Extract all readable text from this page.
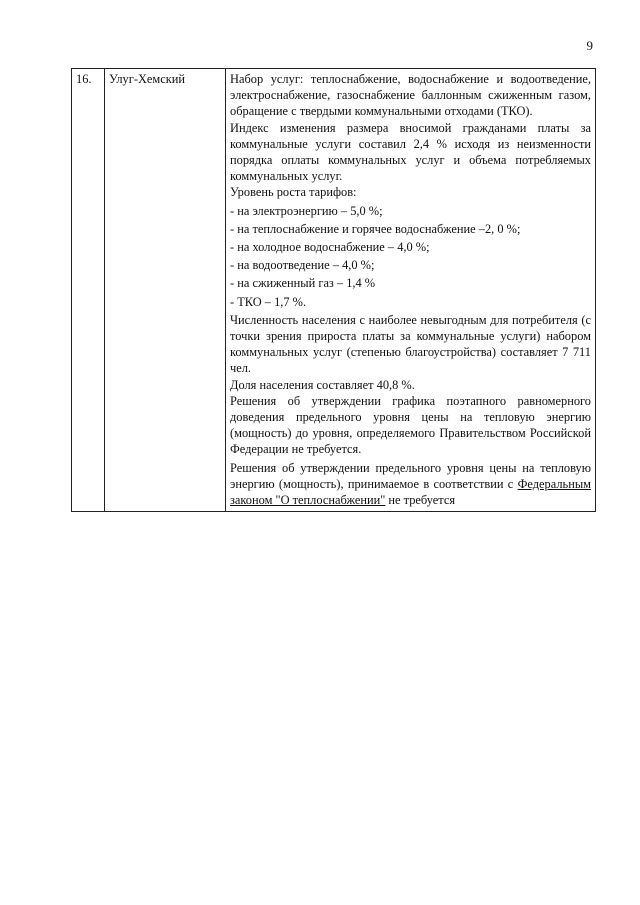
9
16.	Улуг-Хемский	Набор услуг: теплоснабжение, водоснабжение и водоотведение, электроснабжение, газоснабжение баллонным сжиженным газом, обращение с твердыми коммунальными отходами (ТКО).

Индекс изменения размера вносимой гражданами платы за коммунальные услуги составил 2,4 % исходя из неизменности порядка оплаты коммунальных услуг и объема потребляемых коммунальных услуг.

Уровень роста тарифов:

- на электроэнергию – 5,0 %;

- на теплоснабжение и горячее водоснабжение –2, 0 %;

- на холодное водоснабжение – 4,0 %;

- на водоотведение – 4,0 %;

- на сжиженный газ – 1,4 %

- ТКО – 1,7 %.

Численность населения с наиболее невыгодным для потребителя (с точки зрения прироста платы за коммунальные услуги) набором коммунальных услуг (степенью благоустройства) составляет 7 711 чел.

Доля населения составляет 40,8 %.

Решения об утверждении графика поэтапного равномерного доведения предельного уровня цены на тепловую энергию (мощность) до уровня, определяемого Правительством Российской Федерации не требуется.

Решения об утверждении предельного уровня цены на тепловую энергию (мощность), принимаемое в соответствии с Федеральным законом "О теплоснабжении" не требуется
